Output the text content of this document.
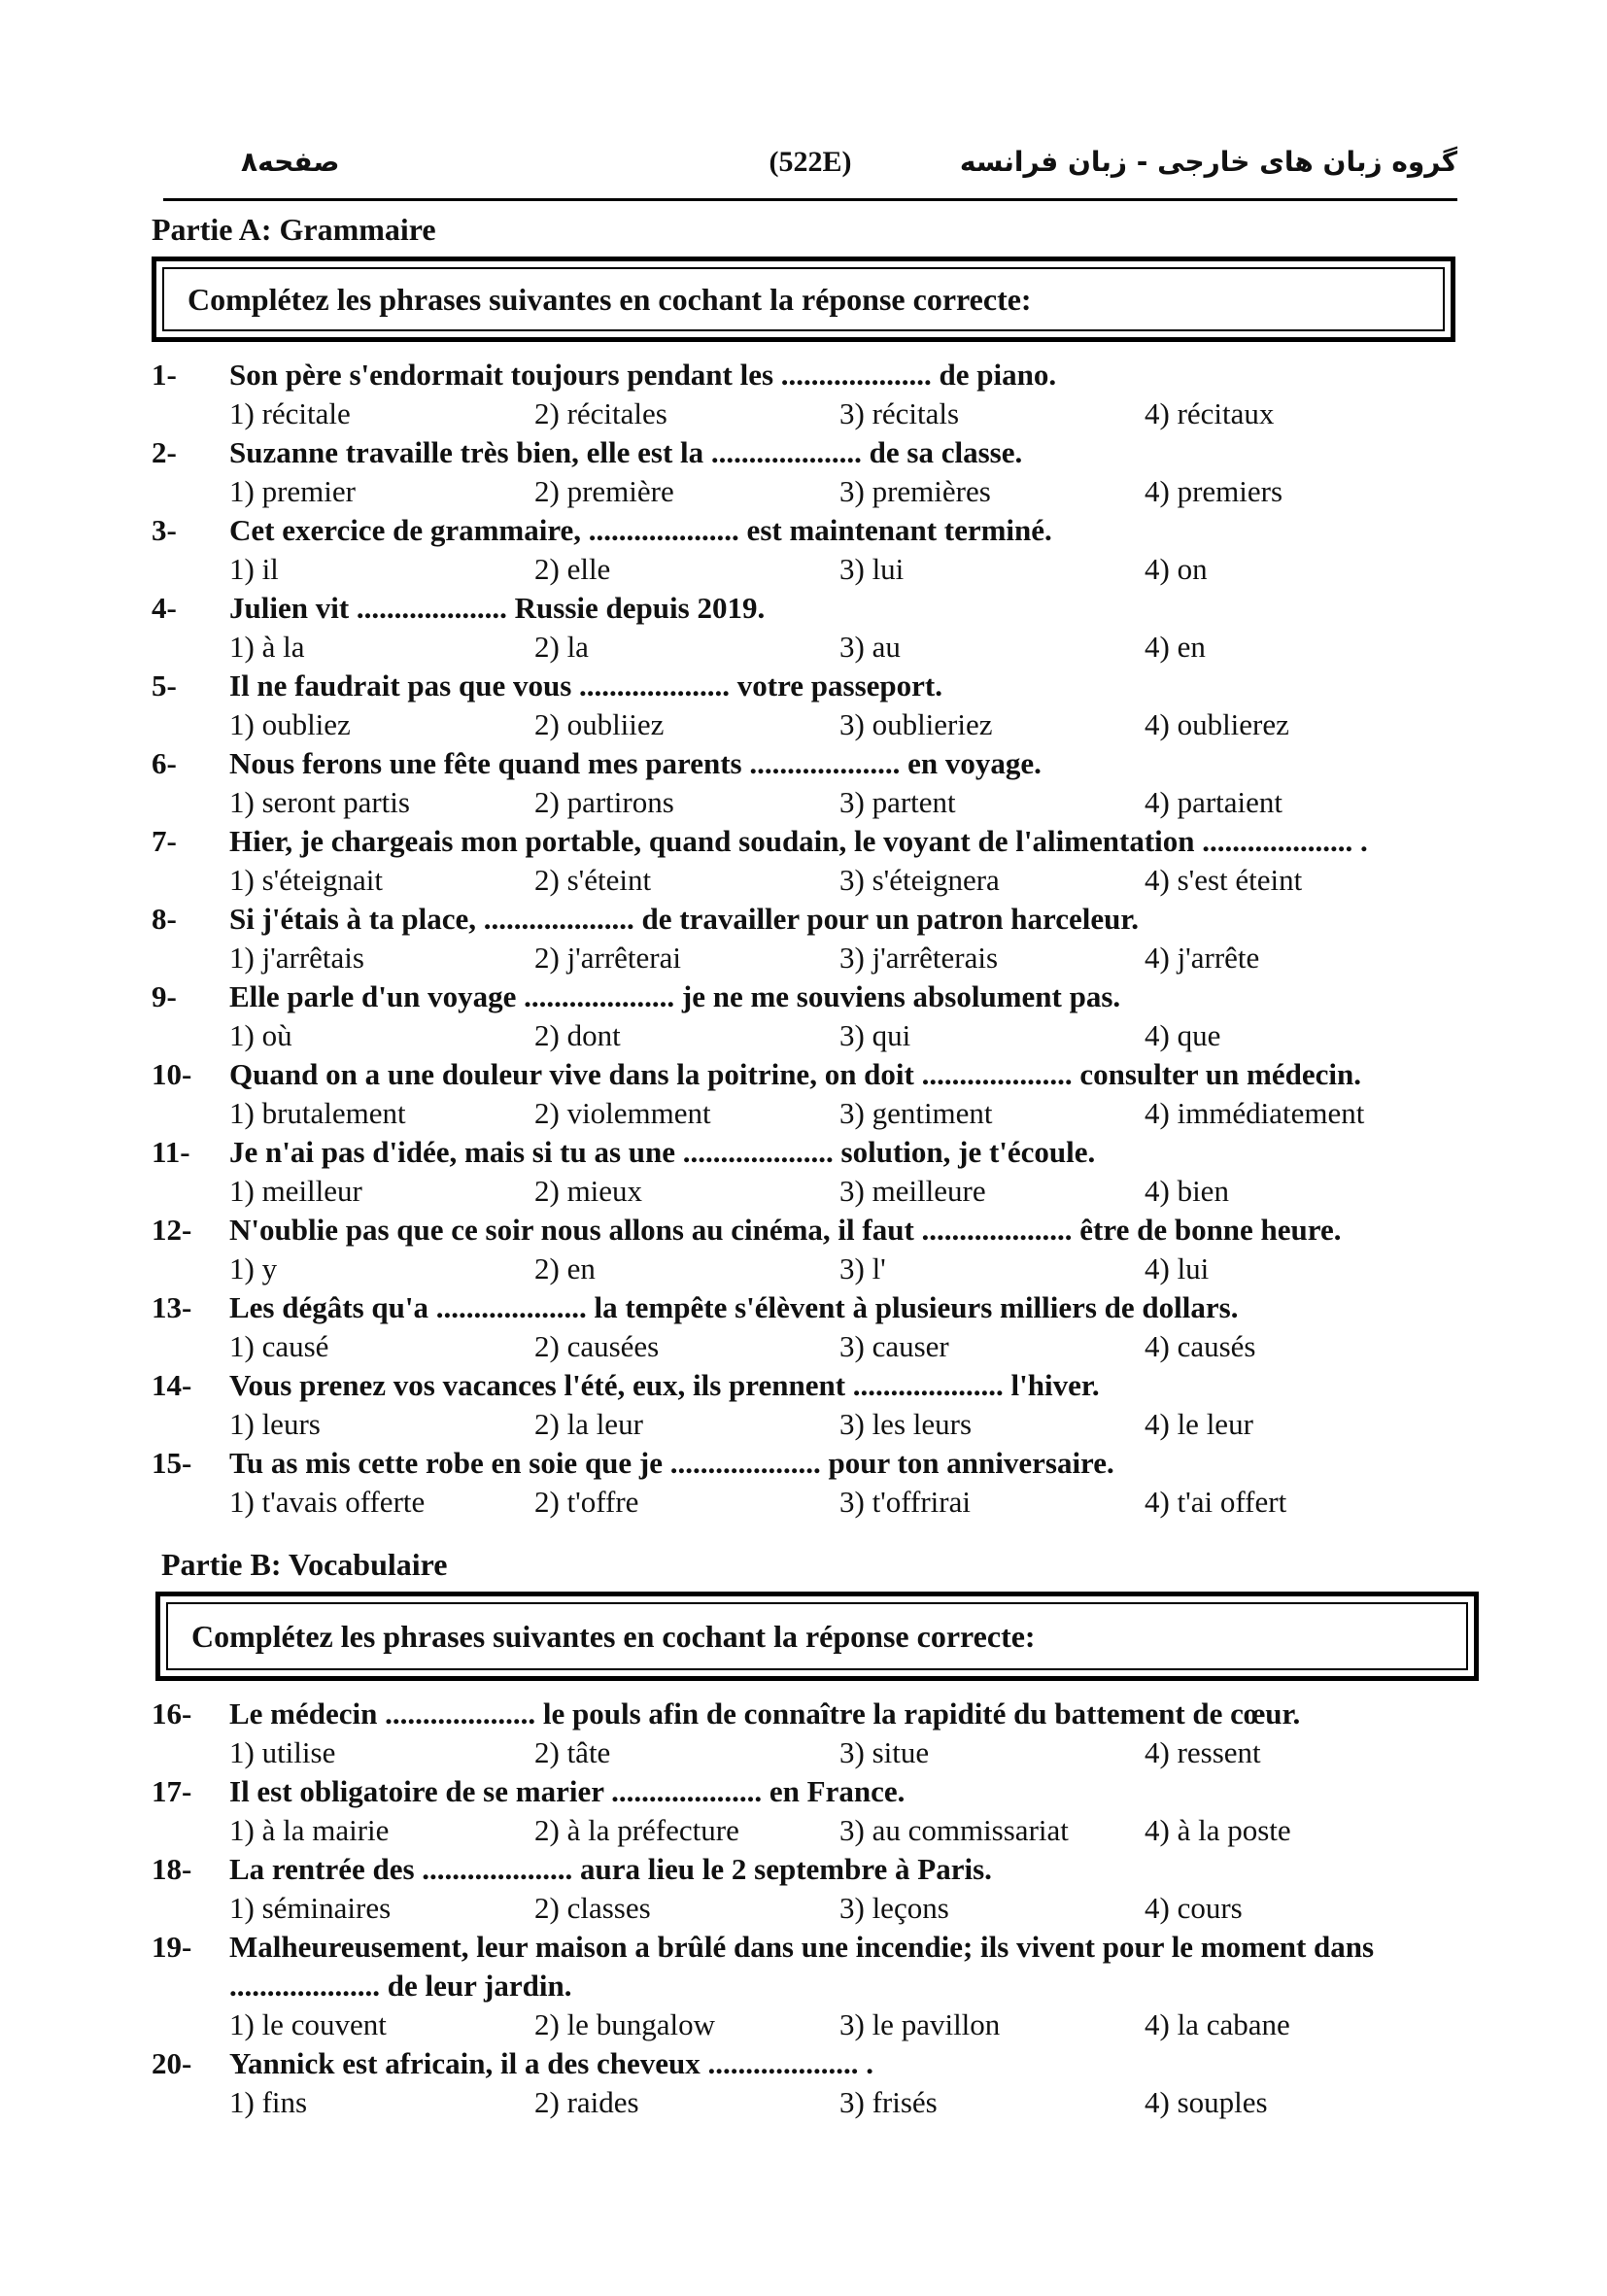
صفحه۸	(522E)	گروه زبان های خارجی - زبان فرانسه
Partie A: Grammaire
Complétez les phrases suivantes en cochant la réponse correcte:
1-	Son père s'endormait toujours pendant les .................... de piano.
1) récitale	2) récitales	3) récitals	4) récitaux
2-	Suzanne travaille très bien, elle est la .................... de sa classe.
1) premier	2) première	3) premières	4) premiers
3-	Cet exercice de grammaire, .................... est maintenant terminé.
1) il	2) elle	3) lui	4) on
4-	Julien vit .................... Russie depuis 2019.
1) à la	2) la	3) au	4) en
5-	Il ne faudrait pas que vous .................... votre passeport.
1) oubliez	2) oubliiez	3) oublieriez	4) oublierez
6-	Nous ferons une fête quand mes parents .................... en voyage.
1) seront partis	2) partirons	3) partent	4) partaient
7-	Hier, je chargeais mon portable, quand soudain, le voyant de l'alimentation .................... .
1) s'éteignait	2) s'éteint	3) s'éteignera	4) s'est éteint
8-	Si j'étais à ta place, .................... de travailler pour un patron harceleur.
1) j'arrêtais	2) j'arrêterai	3) j'arrêterais	4) j'arrête
9-	Elle parle d'un voyage .................... je ne me souviens absolument pas.
1) où	2) dont	3) qui	4) que
10-	Quand on a une douleur vive dans la poitrine, on doit .................... consulter un médecin.
1) brutalement	2) violemment	3) gentiment	4) immédiatement
11-	Je n'ai pas d'idée, mais si tu as une .................... solution, je t'écoule.
1) meilleur	2) mieux	3) meilleure	4) bien
12-	N'oublie pas que ce soir nous allons au cinéma, il faut .................... être de bonne heure.
1) y	2) en	3) l'	4) lui
13-	Les dégâts qu'a .................... la tempête s'élèvent à plusieurs milliers de dollars.
1) causé	2) causées	3) causer	4) causés
14-	Vous prenez vos vacances l'été, eux, ils prennent .................... l'hiver.
1) leurs	2) la leur	3) les leurs	4) le leur
15-	Tu as mis cette robe en soie que je .................... pour ton anniversaire.
1) t'avais offerte	2) t'offre	3) t'offrirai	4) t'ai offert
Partie B: Vocabulaire
Complétez les phrases suivantes en cochant la réponse correcte:
16-	Le médecin .................... le pouls afin de connaître la rapidité du battement de cœur.
1) utilise	2) tâte	3) situe	4) ressent
17-	Il est obligatoire de se marier .................... en France.
1) à la mairie	2) à la préfecture	3) au commissariat	4) à la poste
18-	La rentrée des .................... aura lieu le 2 septembre à Paris.
1) séminaires	2) classes	3) leçons	4) cours
19-	Malheureusement, leur maison a brûlé dans une incendie; ils vivent pour le moment dans .................... de leur jardin.
1) le couvent	2) le bungalow	3) le pavillon	4) la cabane
20-	Yannick est africain, il a des cheveux .................... .
1) fins	2) raides	3) frisés	4) souples
